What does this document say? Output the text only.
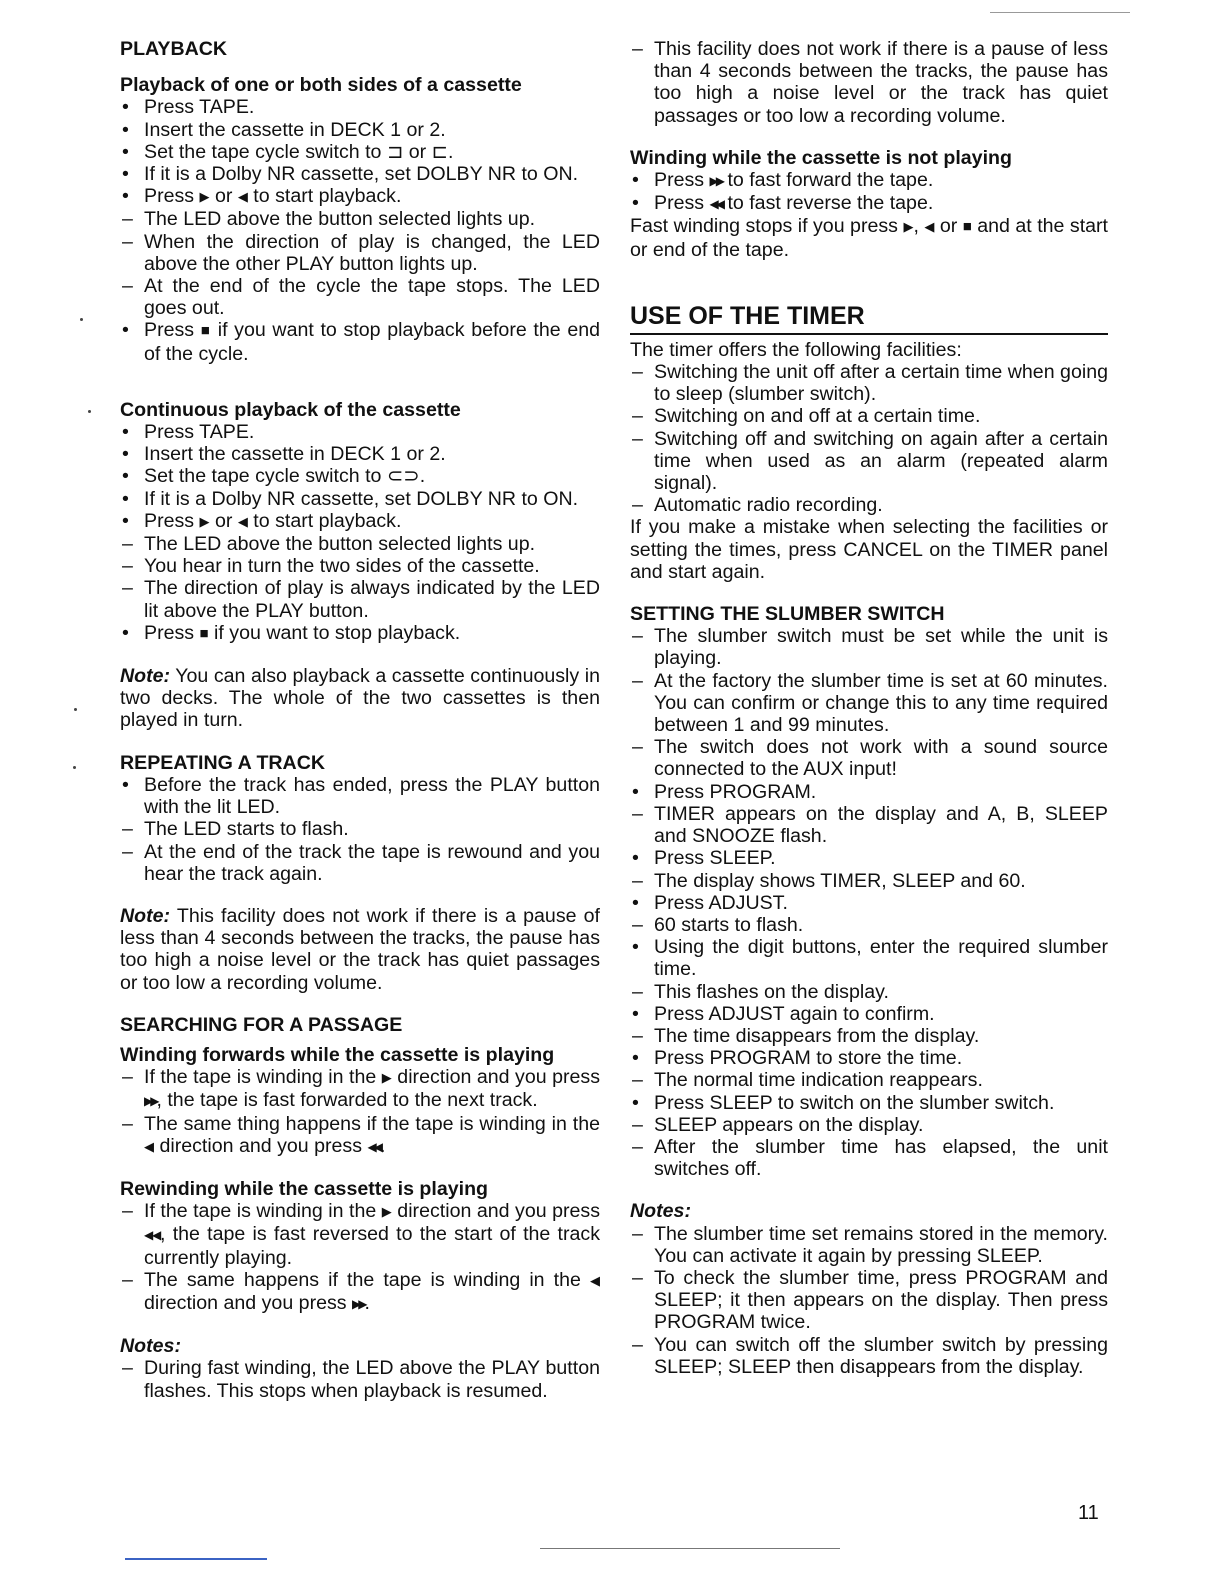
PLAYBACK
Playback of one or both sides of a cassette
•
Press TAPE.
•
Insert the cassette in DECK 1 or 2.
•
Set the tape cycle switch to ⊐ or ⊏.
•
If it is a Dolby NR cassette, set DOLBY NR to ON.
•
Press ▶ or ◀ to start playback.
–
The LED above the button selected lights up.
–
When the direction of play is changed, the LED above the other PLAY button lights up.
–
At the end of the cycle the tape stops. The LED goes out.
•
Press ■ if you want to stop playback before the end of the cycle.
Continuous playback of the cassette
•
Press TAPE.
•
Insert the cassette in DECK 1 or 2.
•
Set the tape cycle switch to ⊂⊃.
•
If it is a Dolby NR cassette, set DOLBY NR to ON.
•
Press ▶ or ◀ to start playback.
–
The LED above the button selected lights up.
–
You hear in turn the two sides of the cassette.
–
The direction of play is always indicated by the LED lit above the PLAY button.
•
Press ■ if you want to stop playback.

Note: You can also playback a cassette continuously in two decks. The whole of the two cassettes is then played in turn.

REPEATING A TRACK
•
Before the track has ended, press the PLAY button with the lit LED.
–
The LED starts to flash.
–
At the end of the track the tape is rewound and you hear the track again.

Note: This facility does not work if there is a pause of less than 4 seconds between the tracks, the pause has too high a noise level or the track has quiet passages or too low a recording volume.

SEARCHING FOR A PASSAGE
Winding forwards while the cassette is playing
–
If the tape is winding in the ▶ direction and you press ▶▶ , the tape is fast forwarded to the next track.
–
The same thing happens if the tape is winding in the ◀ direction and you press ◀◀ .
Rewinding while the cassette is playing
–
If the tape is winding in the ▶ direction and you press ◀◀ , the tape is fast reversed to the start of the track currently playing.
–
The same happens if the tape is winding in the ◀ direction and you press ▶▶ .
Notes:
–
During fast winding, the LED above the PLAY button flashes. This stops when playback is resumed.
–
This facility does not work if there is a pause of less than 4 seconds between the tracks, the pause has too high a noise level or the track has quiet passages or too low a recording volume.
Winding while the cassette is not playing
•
Press ▶▶ to fast forward the tape.
•
Press ◀◀ to fast reverse the tape.

Fast winding stops if you press ▶ , ◀ or ■ and at the start or end of the tape.

USE OF THE TIMER

The timer offers the following facilities:

–
Switching the unit off after a certain time when going to sleep (slumber switch).
–
Switching on and off at a certain time.
–
Switching off and switching on again after a certain time when used as an alarm (repeated alarm signal).
–
Automatic radio recording.

If you make a mistake when selecting the facilities or setting the times, press CANCEL on the TIMER panel and start again.

SETTING THE SLUMBER SWITCH
–
The slumber switch must be set while the unit is playing.
–
At the factory the slumber time is set at 60 minutes. You can confirm or change this to any time required between 1 and 99 minutes.
–
The switch does not work with a sound source connected to the AUX input!
•
Press PROGRAM.
–
TIMER appears on the display and A, B, SLEEP and SNOOZE flash.
•
Press SLEEP.
–
The display shows TIMER, SLEEP and 60.
•
Press ADJUST.
–
60 starts to flash.
•
Using the digit buttons, enter the required slumber time.
–
This flashes on the display.
•
Press ADJUST again to confirm.
–
The time disappears from the display.
•
Press PROGRAM to store the time.
–
The normal time indication reappears.
•
Press SLEEP to switch on the slumber switch.
–
SLEEP appears on the display.
–
After the slumber time has elapsed, the unit switches off.
Notes:
–
The slumber time set remains stored in the memory. You can activate it again by pressing SLEEP.
–
To check the slumber time, press PROGRAM and SLEEP; it then appears on the display. Then press PROGRAM twice.
–
You can switch off the slumber switch by pressing SLEEP; SLEEP then disappears from the display.
11
